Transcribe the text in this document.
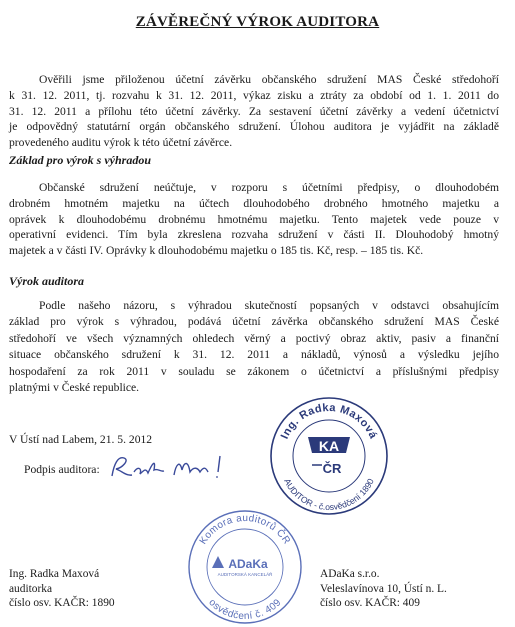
ZÁVĚREČNÝ VÝROK AUDITORA
Ověřili jsme přiloženou účetní závěrku občanského sdružení MAS České středohoří
k 31. 12. 2011, tj. rozvahu k 31. 12. 2011, výkaz zisku a ztráty za období od 1. 1. 2011 do
31. 12. 2011 a přílohu této účetní závěrky. Za sestavení účetní závěrky a vedení účetnictví
je odpovědný statutární orgán občanského sdružení. Úlohou auditora je vyjádřit na základě
provedeného auditu výrok k této účetní závěrce.
Základ pro výrok s výhradou
Občanské sdružení neúčtuje, v rozporu s účetními předpisy, o dlouhodobém
drobném hmotném majetku na účtech dlouhodobého drobného hmotného majetku a
oprávek k dlouhodobému drobnému hmotnému majetku. Tento majetek vede pouze v
operativní evidenci. Tím byla zkreslena rozvaha sdružení v části II. Dlouhodobý hmotný
majetek a v části IV. Oprávky k dlouhodobému majetku o 185 tis. Kč, resp. – 185 tis. Kč.
Výrok auditora
Podle našeho názoru, s výhradou skutečností popsaných v odstavci obsahujícím
základ pro výrok s výhradou, podává účetní závěrka občanského sdružení MAS České
středohoří ve všech významných ohledech věrný a poctivý obraz aktiv, pasiv a finanční
situace občanského sdružení k 31. 12. 2011 a nákladů, výnosů a výsledku jejího
hospodaření za rok 2011 v souladu se zákonem o účetnictví a příslušnými předpisy
platnými v České republice.
V Ústí nad Labem, 21. 5. 2012
Podpis auditora:
Ing. Radka Maxová
AUDITOR - č.osvědčení 1890
KA
ČR
Komora auditorů ČR
osvědčení č. 409
ADaKa
AUDITORSKÁ KANCELÁŘ
Ing. Radka Maxová
auditorka
číslo osv. KAČR: 1890
ADaKa s.r.o.
Veleslavínova 10, Ústí n. L.
číslo osv. KAČR: 409
